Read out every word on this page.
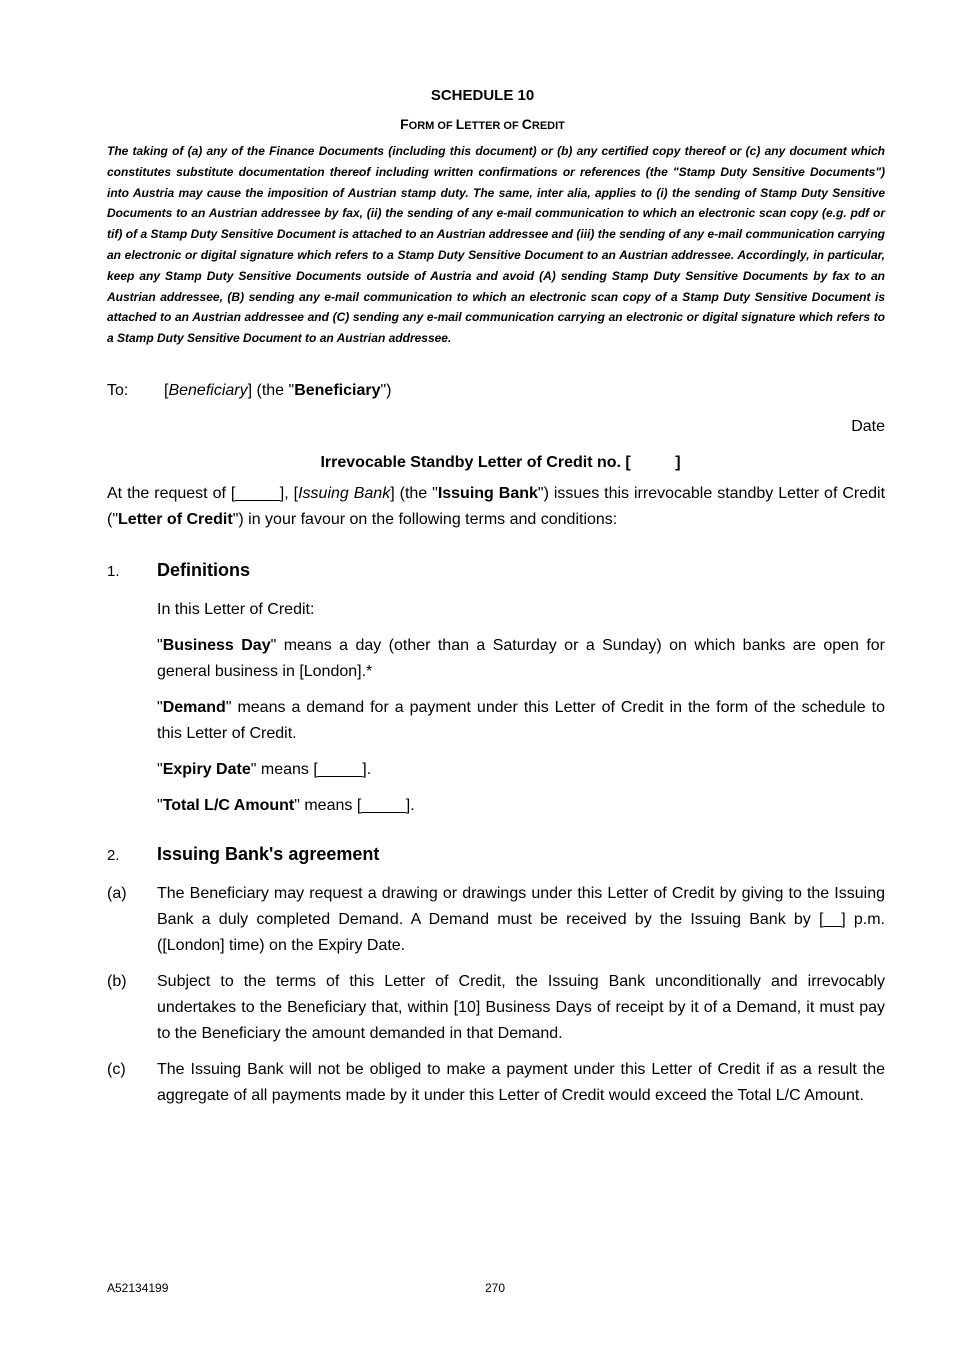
SCHEDULE 10
FORM OF LETTER OF CREDIT
The taking of (a) any of the Finance Documents (including this document) or (b) any certified copy thereof or (c) any document which constitutes substitute documentation thereof including written confirmations or references (the "Stamp Duty Sensitive Documents") into Austria may cause the imposition of Austrian stamp duty. The same, inter alia, applies to (i) the sending of Stamp Duty Sensitive Documents to an Austrian addressee by fax, (ii) the sending of any e-mail communication to which an electronic scan copy (e.g. pdf or tif) of a Stamp Duty Sensitive Document is attached to an Austrian addressee and (iii) the sending of any e-mail communication carrying an electronic or digital signature which refers to a Stamp Duty Sensitive Document to an Austrian addressee. Accordingly, in particular, keep any Stamp Duty Sensitive Documents outside of Austria and avoid (A) sending Stamp Duty Sensitive Documents by fax to an Austrian addressee, (B) sending any e-mail communication to which an electronic scan copy of a Stamp Duty Sensitive Document is attached to an Austrian addressee and (C) sending any e-mail communication carrying an electronic or digital signature which refers to a Stamp Duty Sensitive Document to an Austrian addressee.
To: [Beneficiary] (the "Beneficiary")
Date
Irrevocable Standby Letter of Credit no. [          ]
At the request of [_____], [Issuing Bank] (the "Issuing Bank") issues this irrevocable standby Letter of Credit ("Letter of Credit") in your favour on the following terms and conditions:
1. Definitions
In this Letter of Credit:
"Business Day" means a day (other than a Saturday or a Sunday) on which banks are open for general business in [London].*
"Demand" means a demand for a payment under this Letter of Credit in the form of the schedule to this Letter of Credit.
"Expiry Date" means [_____].
"Total L/C Amount" means [_____].
2. Issuing Bank's agreement
(a) The Beneficiary may request a drawing or drawings under this Letter of Credit by giving to the Issuing Bank a duly completed Demand. A Demand must be received by the Issuing Bank by [__] p.m. ([London] time) on the Expiry Date.
(b) Subject to the terms of this Letter of Credit, the Issuing Bank unconditionally and irrevocably undertakes to the Beneficiary that, within [10] Business Days of receipt by it of a Demand, it must pay to the Beneficiary the amount demanded in that Demand.
(c) The Issuing Bank will not be obliged to make a payment under this Letter of Credit if as a result the aggregate of all payments made by it under this Letter of Credit would exceed the Total L/C Amount.
A52134199	270
